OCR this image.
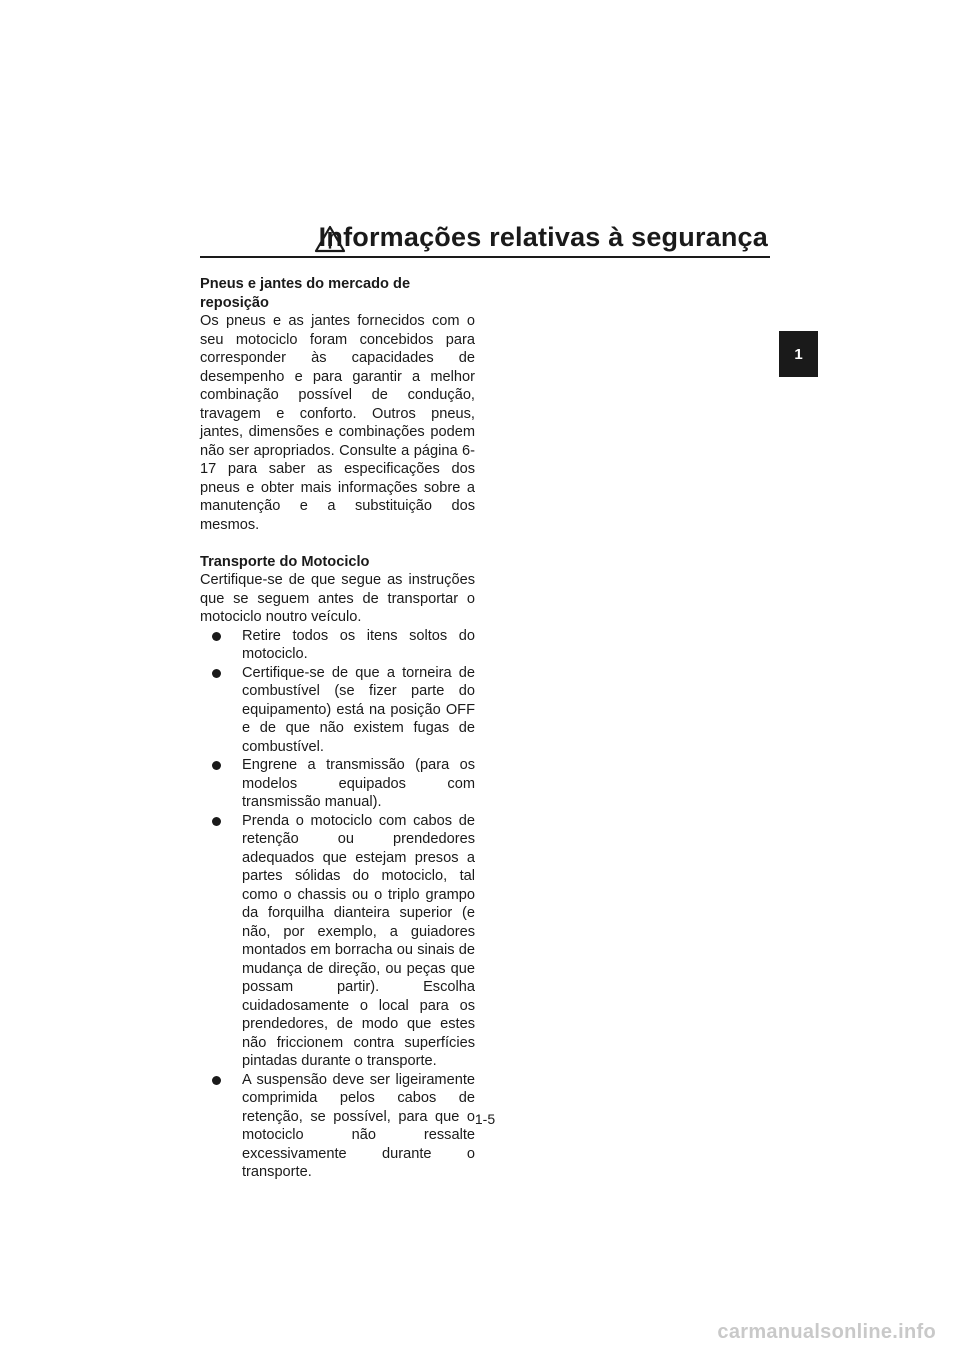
Informações relativas à segurança
1

Pneus e jantes do mercado de reposição

Os pneus e as jantes fornecidos com o seu motociclo foram concebidos para corresponder às capacidades de desempenho e para garantir a melhor combinação possível de condução, travagem e conforto. Outros pneus, jantes, dimensões e combinações podem não ser apropriados. Consulte a página 6-17 para saber as especificações dos pneus e obter mais informações sobre a manutenção e a substituição dos mesmos.

Transporte do Motociclo

Certifique-se de que segue as instruções que se seguem antes de transportar o motociclo noutro veículo.

Retire todos os itens soltos do motociclo.
Certifique-se de que a torneira de combustível (se fizer parte do equipamento) está na posição OFF e de que não existem fugas de combustível.
Engrene a transmissão (para os modelos equipados com transmissão manual).
Prenda o motociclo com cabos de retenção ou prendedores adequados que estejam presos a partes sólidas do motociclo, tal como o chassis ou o triplo grampo da forquilha dianteira superior (e não, por exemplo, a guiadores montados em borracha ou sinais de mudança de direção, ou peças que possam partir). Escolha cuidadosamente o local para os prendedores, de modo que estes não friccionem contra superfícies pintadas durante o transporte.
A suspensão deve ser ligeiramente comprimida pelos cabos de retenção, se possível, para que o motociclo não ressalte excessivamente durante o transporte.
1-5
carmanualsonline.info
